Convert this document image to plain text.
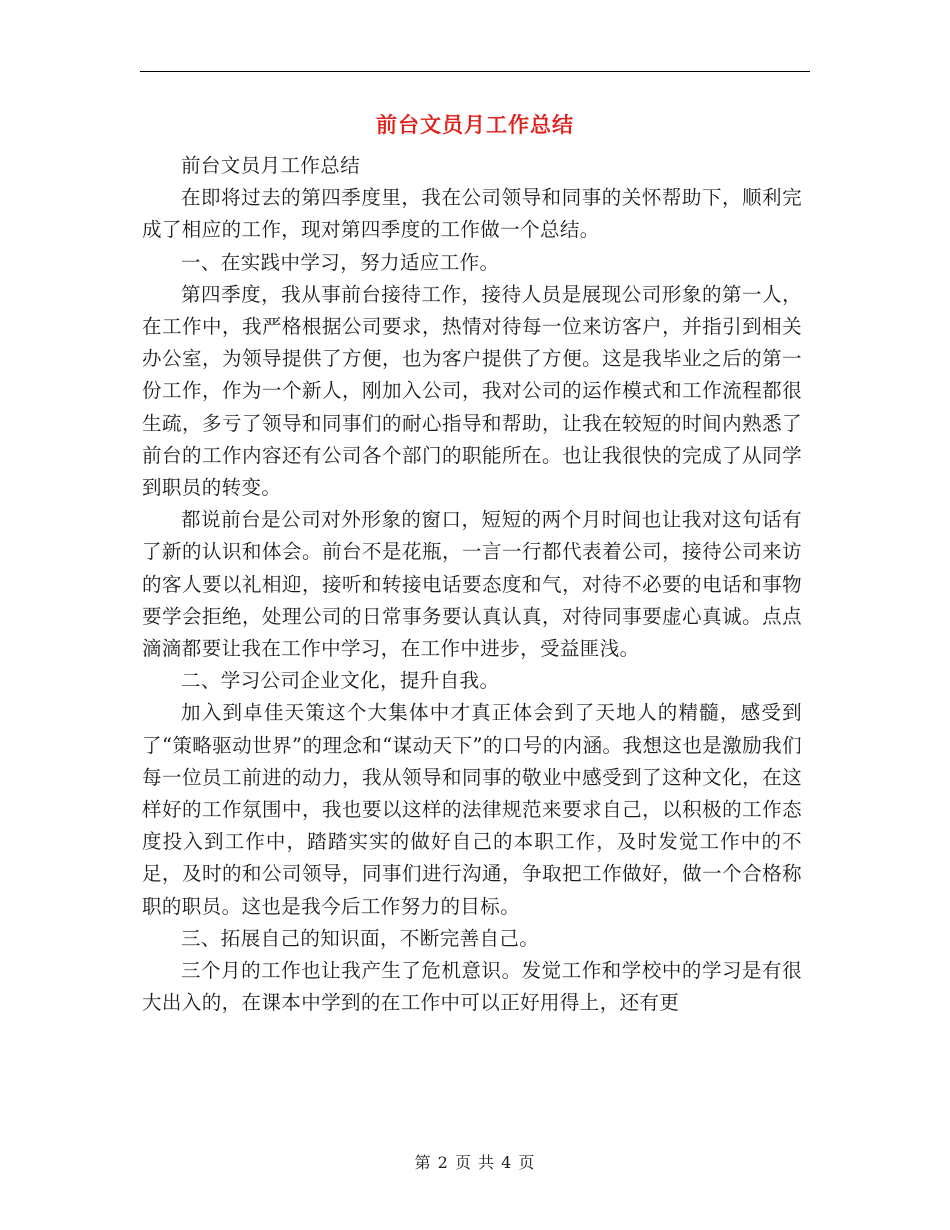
前台文员月工作总结

前台文员月工作总结

在即将过去的第四季度里，我在公司领导和同事的关怀帮助下，顺利完成了相应的工作，现对第四季度的工作做一个总结。

一、在实践中学习，努力适应工作。

第四季度，我从事前台接待工作，接待人员是展现公司形象的第一人，在工作中，我严格根据公司要求，热情对待每一位来访客户，并指引到相关办公室，为领导提供了方便，也为客户提供了方便。这是我毕业之后的第一份工作，作为一个新人，刚加入公司，我对公司的运作模式和工作流程都很生疏，多亏了领导和同事们的耐心指导和帮助，让我在较短的时间内熟悉了前台的工作内容还有公司各个部门的职能所在。也让我很快的完成了从同学到职员的转变。

都说前台是公司对外形象的窗口，短短的两个月时间也让我对这句话有了新的认识和体会。前台不是花瓶，一言一行都代表着公司，接待公司来访的客人要以礼相迎，接听和转接电话要态度和气，对待不必要的电话和事物要学会拒绝，处理公司的日常事务要认真认真，对待同事要虚心真诚。点点滴滴都要让我在工作中学习，在工作中进步，受益匪浅。

二、学习公司企业文化，提升自我。

加入到卓佳天策这个大集体中才真正体会到了天地人的精髓，感受到了“策略驱动世界”的理念和“谋动天下”的口号的内涵。我想这也是激励我们每一位员工前进的动力，我从领导和同事的敬业中感受到了这种文化，在这样好的工作氛围中，我也要以这样的法律规范来要求自己，以积极的工作态度投入到工作中，踏踏实实的做好自己的本职工作，及时发觉工作中的不足，及时的和公司领导，同事们进行沟通，争取把工作做好，做一个合格称职的职员。这也是我今后工作努力的目标。

三、拓展自己的知识面，不断完善自己。

三个月的工作也让我产生了危机意识。发觉工作和学校中的学习是有很大出入的，在课本中学到的在工作中可以正好用得上，还有更

第 2 页 共 4 页
